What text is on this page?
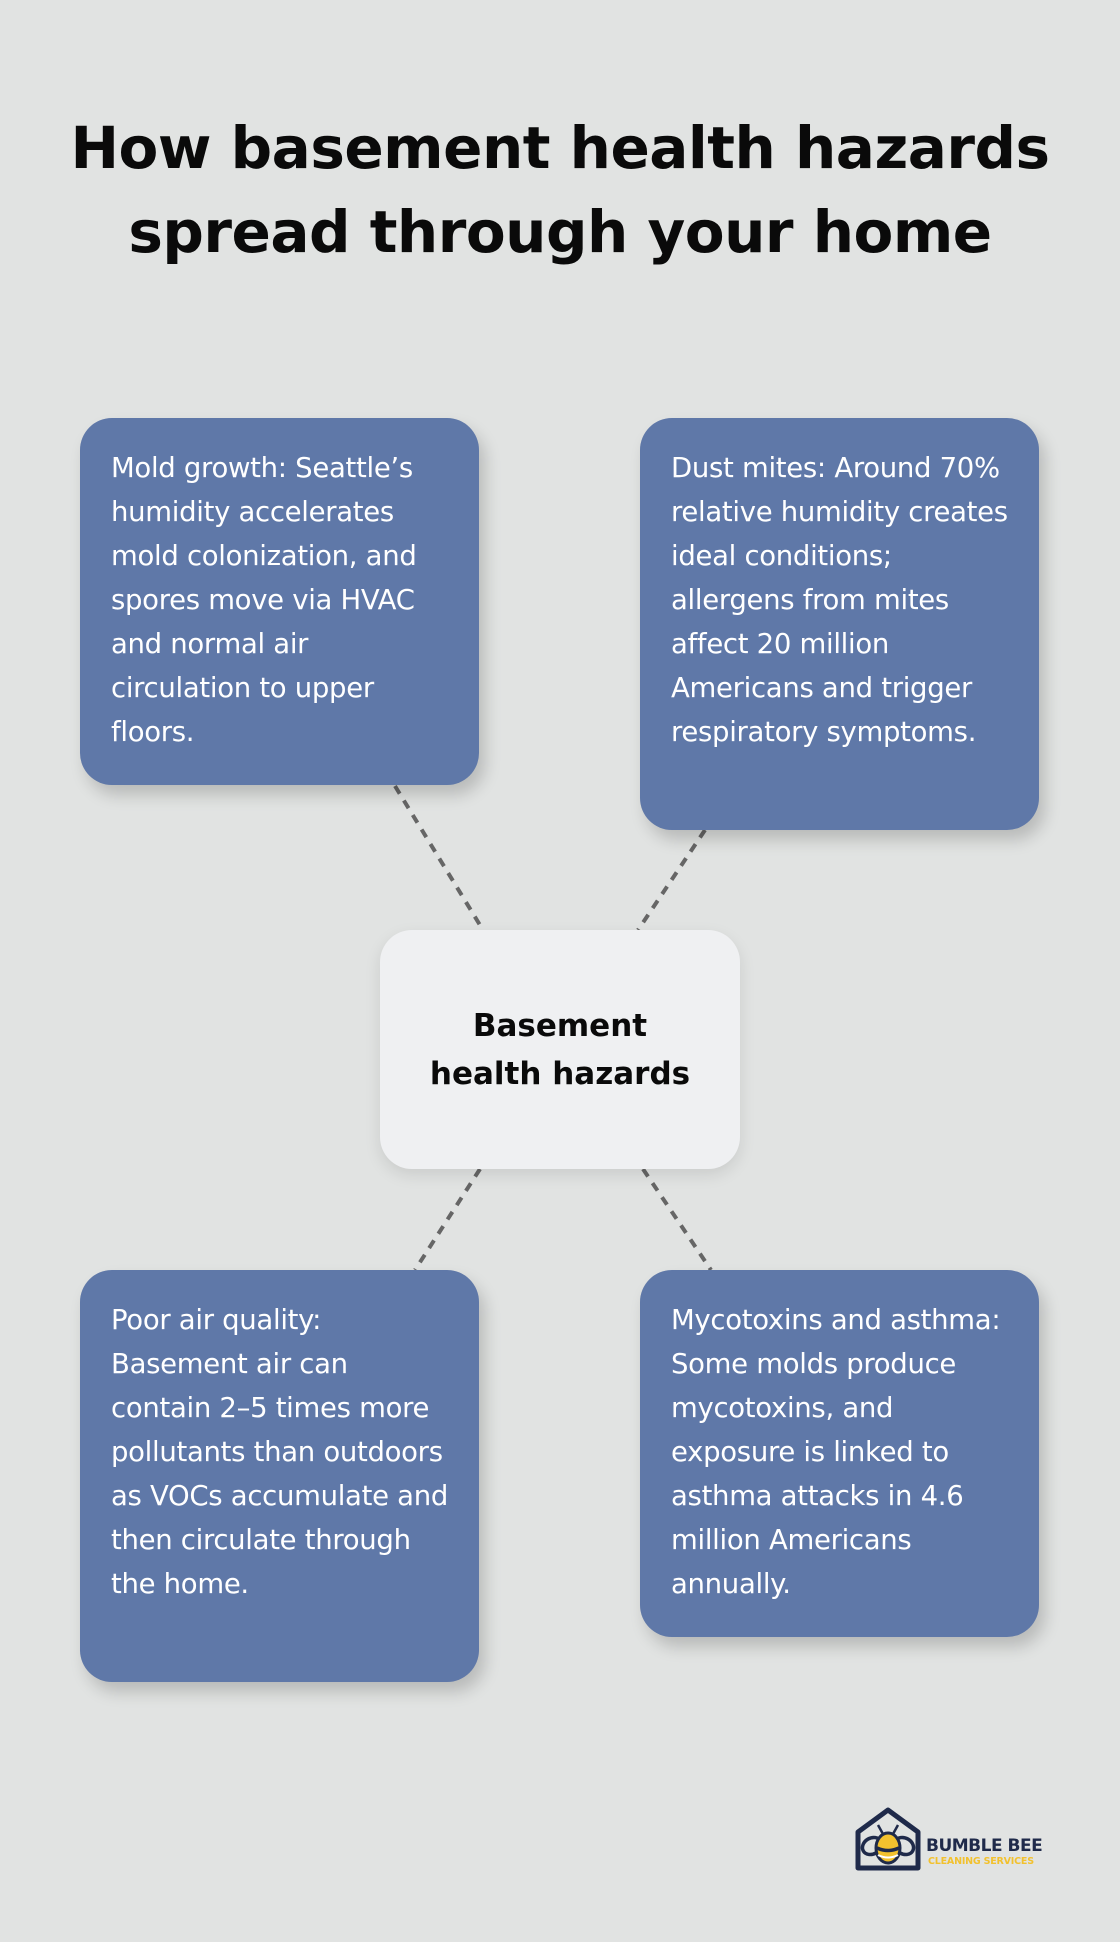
How basement health hazards
spread through your home

Mold growth: Seattle’s humidity accelerates mold colonization, and spores move via HVAC and normal air circulation to upper floors.

Dust mites: Around 70% relative humidity creates ideal conditions; allergens from mites affect 20 million Americans and trigger respiratory symptoms.

Basement
health hazards

Poor air quality: Basement air can contain 2–5 times more pollutants than outdoors as VOCs accumulate and then circulate through the home.

Mycotoxins and asthma: Some molds produce mycotoxins, and exposure is linked to asthma attacks in 4.6 million Americans annually.

BUMBLE BEE
CLEANING SERVICES
